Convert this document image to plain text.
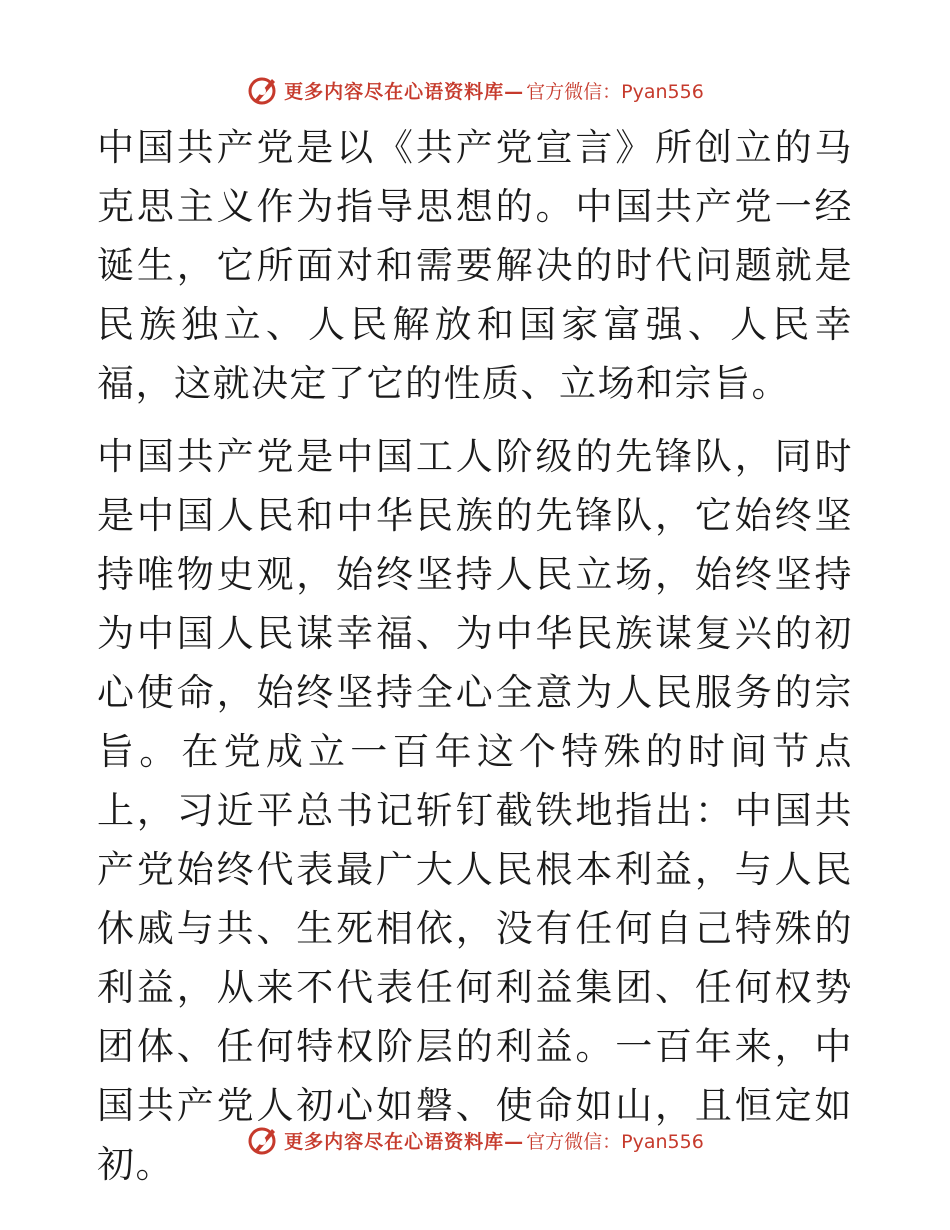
更多内容尽在心语资料库— 官方微信：Pyan556

中国共产党是以《共产党宣言》所创立的马克思主义作为指导思想的。中国共产党一经诞生，它所面对和需要解决的时代问题就是民族独立、人民解放和国家富强、人民幸福，这就决定了它的性质、立场和宗旨。

中国共产党是中国工人阶级的先锋队，同时是中国人民和中华民族的先锋队，它始终坚持唯物史观，始终坚持人民立场，始终坚持为中国人民谋幸福、为中华民族谋复兴的初心使命，始终坚持全心全意为人民服务的宗旨。在党成立一百年这个特殊的时间节点上，习近平总书记斩钉截铁地指出：中国共产党始终代表最广大人民根本利益，与人民休戚与共、生死相依，没有任何自己特殊的利益，从来不代表任何利益集团、任何权势团体、任何特权阶层的利益。一百年来，中国共产党人初心如磐、使命如山，且恒定如初。

更多内容尽在心语资料库— 官方微信：Pyan556
